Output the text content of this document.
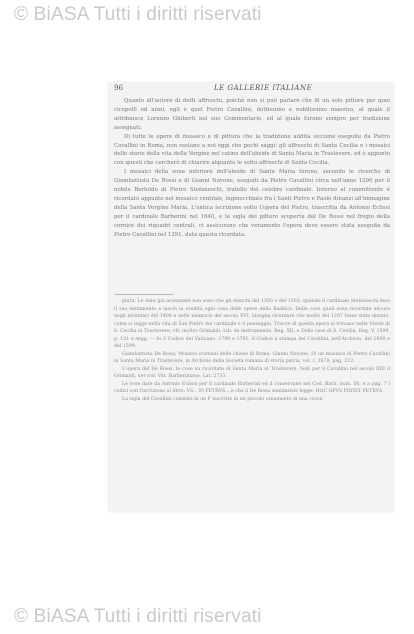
© BiASA Tutti i diritti riservati
96	LE GALLERIE ITALIANE

Quanto all'autore di detti affreschi, poichè non si può parlare che di un solo pittore per quei cicopelli ed aisni, egli è quel Pietro Cavallini, dottissimo e nobilissimo maestro, al quale il attribuisce Lorenzo Ghiberti nel suo Commentario, ed al quale furono sempre per tradizione assegnati.

Di tutte le opere di mosaico e di pittura che la tradizione addita siccome eseguite da Pietro Cavallini in Roma, non restano a noi oggi che pochi saggi: gli affreschi di Santa Cecilia e i mosaici delle storie della vita della Vergine nel catino dell'abside di Santa Maria in Trastevere, ed è appunto con questi che cercherò di chiarire alquanto le sotto affreschi di Santa Cecilia.

I mosaici della zona inferiore dell'abside di Santa Maria furono, secondo le ricerche di Giambattista De Rossi e di Gianni Navone, eseguiti da Pietro Cavallini circa nell'anno 1290 per il nobile Bertoldo di Pietro Stefaneschi, fratello del celebre cardinale. Intorno al committente è ricordato appunto nel mosaico centrale, inginocchiato fra i Santi Pietro e Paolo dinanzi all'immagine della Santa Vergine Maria. L'antica iscrizione sotto l'opera del Pietro, trascritta da Antonio Eclissi per il cardinale Barberini nel 1640, e la sigla del pittore scoperta dal De Rossi nel fregio della cornice dei riquadri centrali, ci assicurano che veramente l'opera deve essere stata eseguita da Pietro Cavallini nel 1291, data questa ricordata.

plura. Le date già accennate non sono che gli elenchi del 1300 e del 1303, quando il cardinale Stefaneschi fece il suo testamento e lasciò in eredità ogni cosa delle opere della Basilica. Delle cose quali sono ricordate ancora negli inventari del 1400 e nelle memorie del secolo XVI, bisogna ricordare che molto del 1297 fosse stato donato, come si legge nella vita di San Pietro del cardinale e il paesaggio. Tracce di questa opera si trovano nelle Storie di S. Cecilia in Trastevere; cfr. inoltre Grimaldi, Lib. de instrumentis, Reg. XII, e Delle cose di S. Cecilia, Reg. V, 1599, p. 121 e segg. — Io il Codice del Vaticano, 1790 e 1791, il Codice a stampa del Cavallini, nell'Archivio, del 1600 e del 1599.

Giambattista De Rossi, Musaici cristiani delle chiese di Roma. Gianni Navone, Di un musaico di Pietro Cavallini in Santa Maria in Trastevere, in Archivio della Società romana di storia patria, vol. I, 1878, pag. 222.

L'opera del De Rossi, le cose su ricordate di Santa Maria in Trastevere. Vedi per il Cavallini nel secolo XIII il Grimaldi, nel cod. Vat. Barberiniano, Lat. 2733.

Le cose date da Antonio Eclissi per il cardinale Barberini ed il conservano nel Cod. Barb. num. 56, e a pag. 7 i codici con l'iscrizione al libro: VS... PI PETRVS... e che il De Rossi similmente legge: HOC OPVS PINXIT PETRVS.

La sigla del Cavallini consiste in un P inscritto in un piccolo ornamento di una croce.

© BiASA Tutti i diritti riservati
